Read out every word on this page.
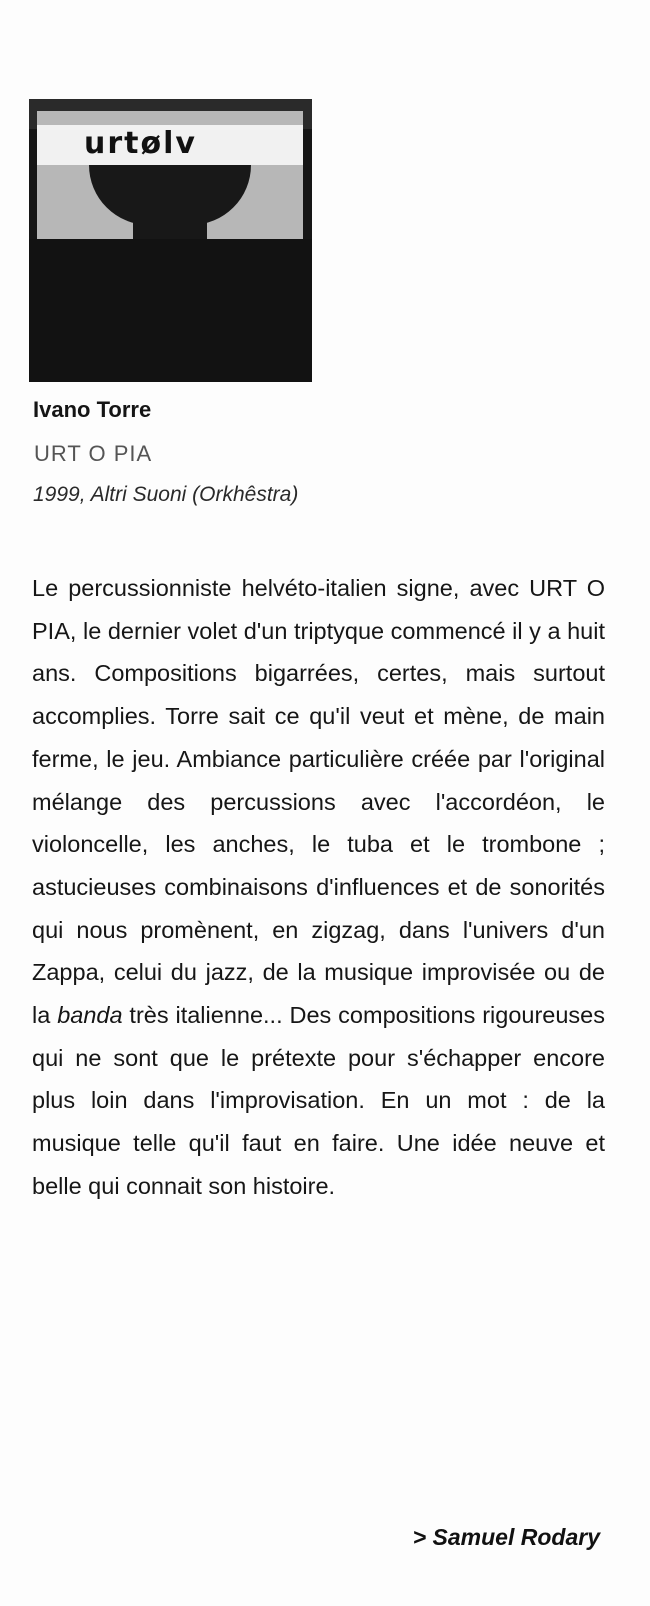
urtølv
Ivano Torre
URT O PIA
1999, Altri Suoni (Orkhêstra)

Le percussionniste helvéto-italien signe, avec URT O PIA, le dernier volet d'un triptyque commencé il y a huit ans. Compositions bigarrées, certes, mais surtout accomplies. Torre sait ce qu'il veut et mène, de main ferme, le jeu. Ambiance particulière créée par l'original mélange des percussions avec l'accordéon, le violoncelle, les anches, le tuba et le trombone ; astucieuses combinaisons d'influences et de sonorités qui nous promènent, en zigzag, dans l'univers d'un Zappa, celui du jazz, de la musique improvisée ou de la banda très italienne... Des compositions rigoureuses qui ne sont que le prétexte pour s'échapper encore plus loin dans l'improvisation. En un mot : de la musique telle qu'il faut en faire. Une idée neuve et belle qui connait son histoire.

> Samuel Rodary
